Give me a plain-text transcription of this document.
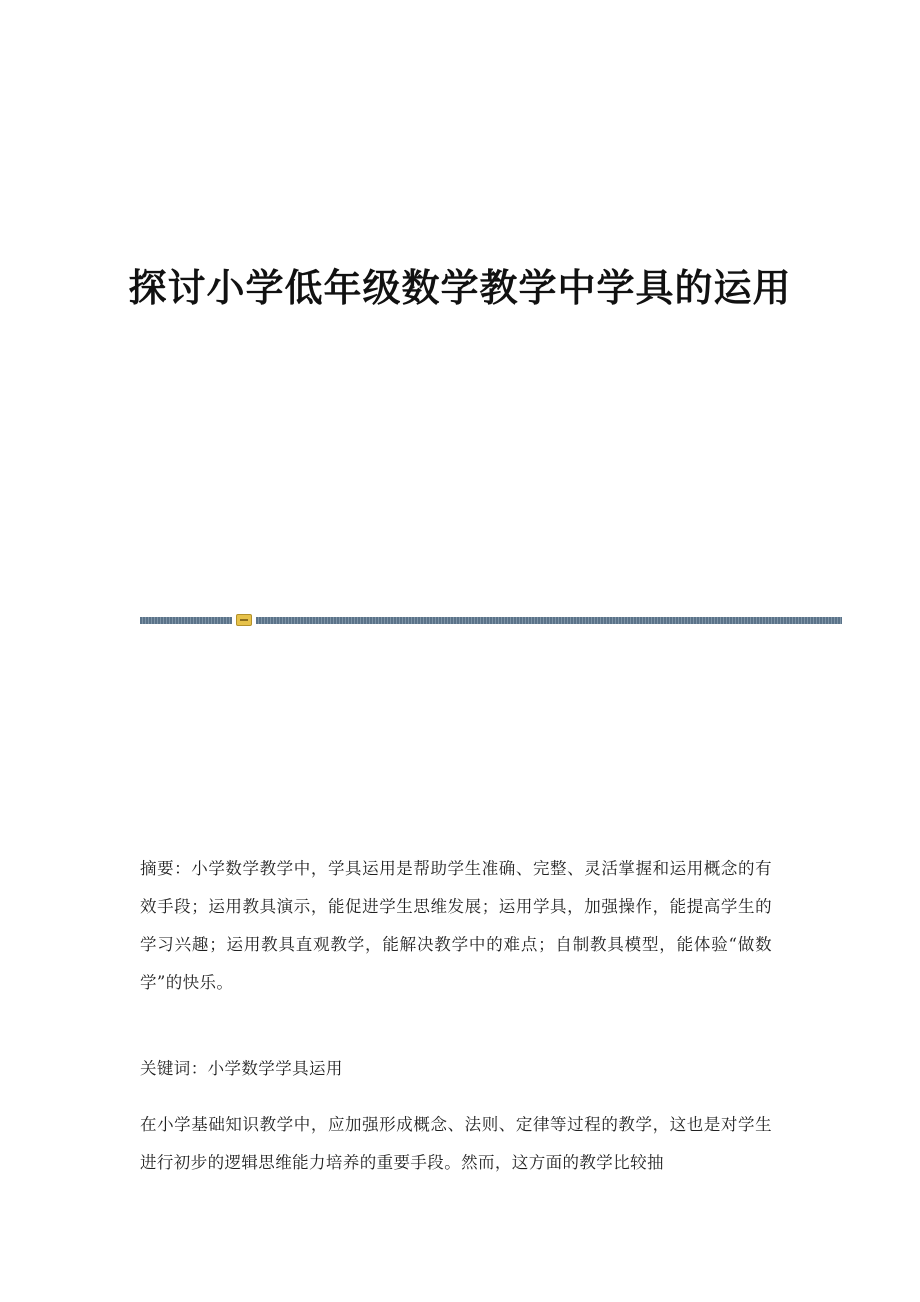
探讨小学低年级数学教学中学具的运用

摘要：小学数学教学中，学具运用是帮助学生准确、完整、灵活掌握和运用概念的有效手段；运用教具演示，能促进学生思维发展；运用学具，加强操作，能提高学生的学习兴趣；运用教具直观教学，能解决教学中的难点；自制教具模型，能体验“做数学”的快乐。

关键词：小学数学学具运用

在小学基础知识教学中，应加强形成概念、法则、定律等过程的教学，这也是对学生进行初步的逻辑思维能力培养的重要手段。然而，这方面的教学比较抽
